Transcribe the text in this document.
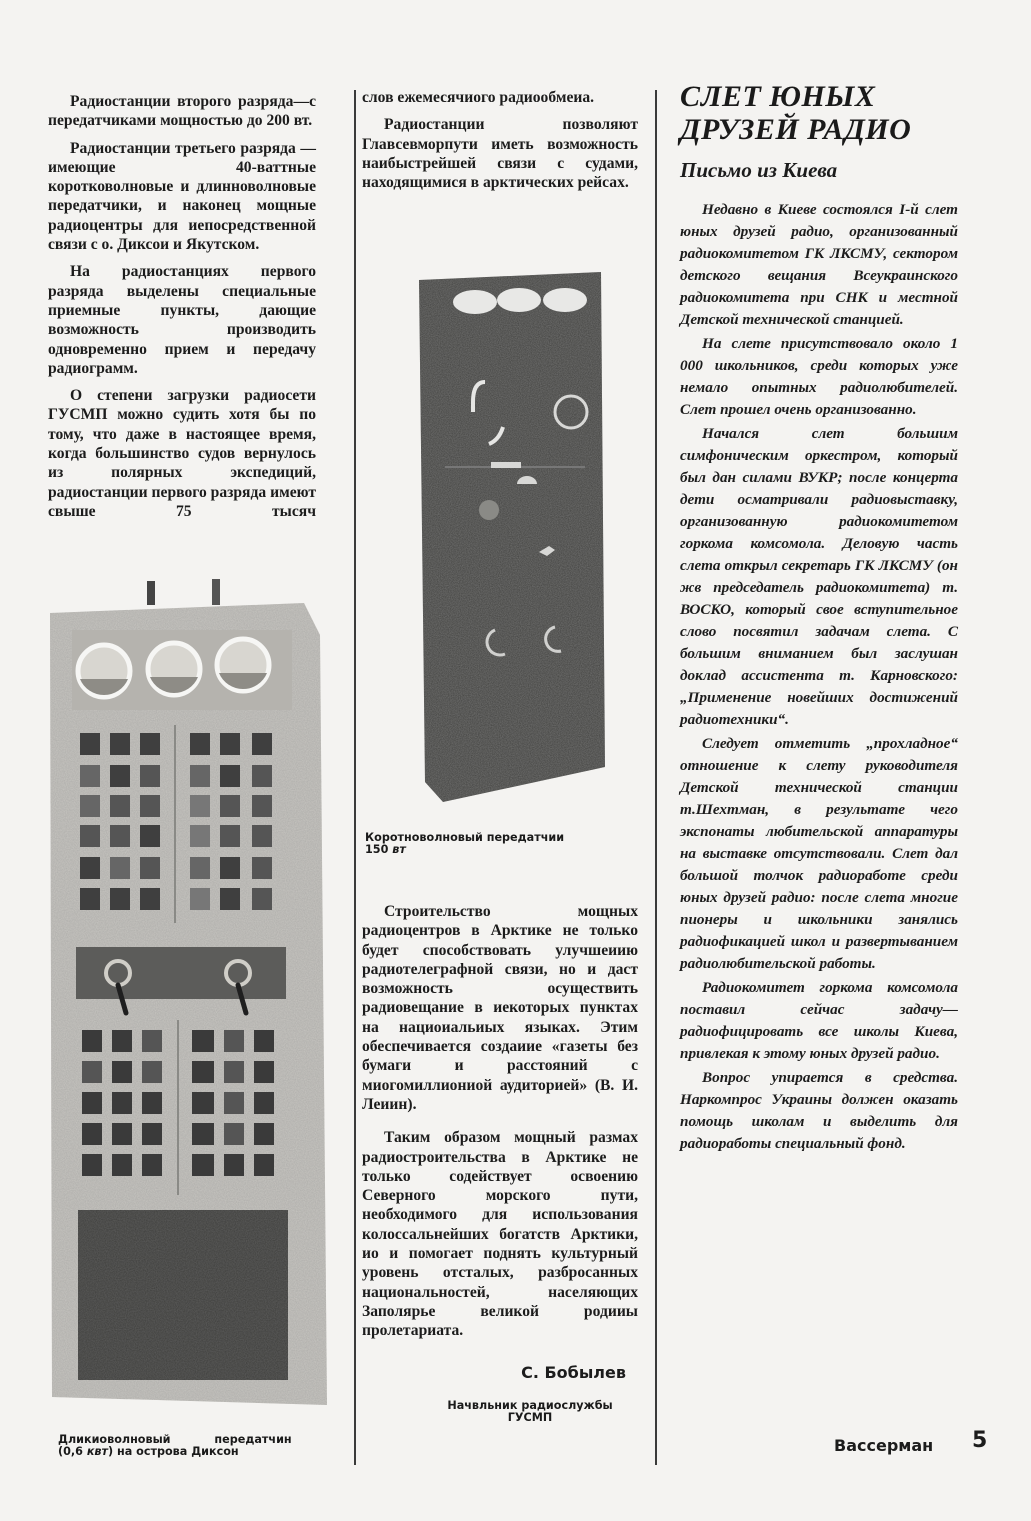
Радиостанции второго разряда—с передатчиками мощностью до 200 вт.

Радиостанции третьего разряда — имеющие 40-ваттные коротковолновые и длинноволновые передатчики, и наконец мощные радиоцентры для иепосредственной связи с о. Диксои и Якутском.

На радиостанциях первого разряда выделены специальные приемные пункты, дающие возможность производить одновременно прием и передачу радиограмм.

О степени загрузки радиосети ГУСМП можно судить хотя бы по тому, что даже в настоящее время, когда большинство судов вернулось из полярных экспедиций, радиостанции первого разряда имеют свыше 75 тысяч

Дликиоволновый передатчин
(0,6 квт) на острова Диксон

слов ежемесячиого радиообмеиа.

Радиостанции позволяют Главсевморпути иметь возможность наибыстрейшей связи с судами, находящимися в арктических рейсах.

Коротноволновый передатчии
150 вт

Строительство мощных радиоцентров в Арктике не только будет способствовать улучшеиию радиотелеграфной связи, но и даст возможность осуществить радиовещание в иекоторых пунктах на нациоиальиых языках. Этим обеспечивается создаиие «газеты без бумаги и расстояний с миогомиллиониой аудиторией» (В. И. Леиин).

Таким образом мощный размах радиостроительства в Арктике не только содействует освоению Северного морского пути, необходимого для использования колоссальнейших богатств Арктики, ио и помогает поднять культурный уровень отсталых, разбросанных национальностей, населяющих Заполярье великой родииы пролетариата.

С. Бобылев
Начвльник радиослужбы
ГУСМП
СЛЕТ ЮНЫХ
ДРУЗЕЙ РАДИО
Письмо из Киева

Недавно в Киеве состоялся I-й слет юных друзей радио, организованный радиокомитетом ГК ЛКСМУ, сектором детского вещания Всеукраинского радиокомитета при СНК и местной Детской технической станцией.

На слете присутствовало около 1 000 школьников, среди которых уже немало опытных радиолюбителей. Слет прошел очень организованно.

Начался слет большим симфоническим оркестром, который был дан силами ВУКР; после концерта дети осматривали радиовыставку, организованную радиокомитетом горкома комсомола. Деловую часть слета открыл секретарь ГК ЛКСМУ (он жв председатель радиокомитета) т. ВОСКО, который свое вступительное слово посвятил задачам слета. С большим вниманием был заслушан доклад ассистента т. Карновского: „Применение новейших достижений радиотехники“.

Следует отметить „прохладное“ отношение к слету руководителя Детской технической станции т.Шехтман, в результате чего экспонаты любительской аппаратуры на выставке отсутствовали. Слет дал большой толчок радиоработе среди юных друзей радио: после слета многие пионеры и школьники занялись радиофикацией школ и развертыванием радиолюбительской работы.

Радиокомитет горкома комсомола поставил сейчас задачу—радиофицировать все школы Киева, привлекая к этому юных друзей радио.

Вопрос упирается в средства. Наркомпрос Украины должен оказать помощь школам и выделить для радиоработы специальный фонд.

Вассерман 5
